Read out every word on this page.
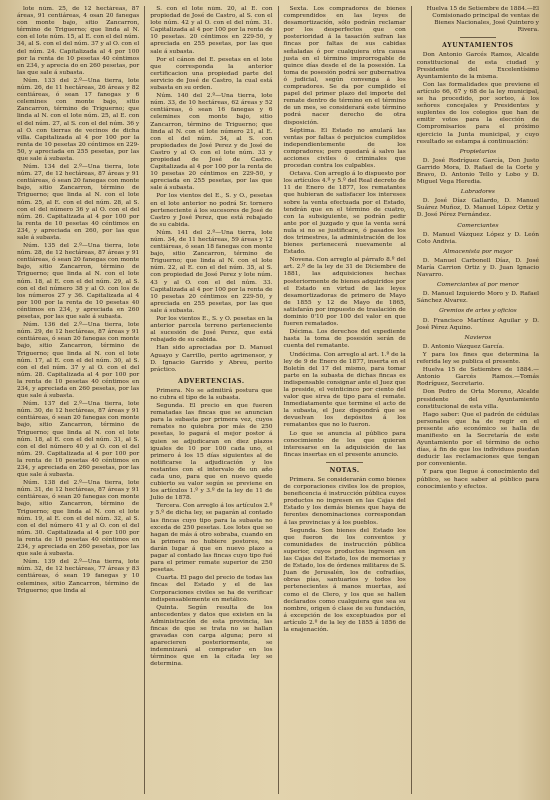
lote núm. 25, de 12 hectáreas, 87 áreas, 91 centiáreas, 4 osan 20 fanegas con monte bajo, sitio Zancarron, término de Triguerno; que linda al N. con el lote núm. 15, al E. con el del núm. 34, al S. con el del núm. 37 y al O. con el del núm. 24. Capitalizada al 4 por 100 por la renta de 10 pesetas 40 céntimos en 234, y aprecia do en 260 pesetas, por las que sale á subasta.

Núm. 133 del 2.º—Una tierra, lote núm. 26, de 11 hectáreas, 26 áreas y 82 centiáreas, ó sean 17 fanegas y 6 celemines con monte bajo, sitio Zancarron, término de Triguerno; que linda al N. con el lote núm. 25, al E. con el del núm. 27, al S. con el del núm. 36 y al O. con tierras de vecinos de dicha villa. Capitalizada al 4 por 100 por la renta de 10 pesetas 20 céntimos en 229-50, y apreciada en 255 pesetas, por las que sale á subasta.

Núm. 134 del 2.º—Una tierra, lote núm. 27, de 12 hectáreas, 87 áreas y 91 centiáreas, ó sean 20 fanegas con monte bajo, sitio Zancarron, término de Triguerno; que linda al N. con el lote núm. 25, al E. con el del núm. 28, al S. con el del número 36 y al O. con el del núm. 26. Capitalizada al 4 por 100 por la renta de 10 pesetas 40 céntimos en 234, y apreciada en 260, por las que sale á subasta.

Núm. 135 del 2.º—Una tierra, lote núm. 28, de 12 hectáreas, 87 áreas y 91 centiáreas, ó sean 20 fanegas con monte bajo, sitio Zancarron, término de Triguerno; que linda al N. con el lote núm. 18, al E. con el del núm. 29, al S. con el del número 38 y al O. con los de los números 27 y 36. Capitalizada al 4 por 100 por la renta de 10 pesetas 40 céntimos en 234, y apreciada en 260 pesetas, por las que sale á subasta.

Núm. 136 del 2.º—Una tierra, lote núm. 29, de 12 hectáreas, 87 áreas y 91 centiáreas, ó sean 20 fanegas con monte bajo, sitio Zancarron, término de Triguerno; que linda al N. con el lote núm. 17, al E. con el del núm. 30, al S. con el del núm. 37 y al O. con el del núm. 28. Capitalizada al 4 por 100 por la renta de 10 pesetas 40 céntimos en 234, y apreciada en 260 pesetas, por las que sale á subasta.

Núm. 137 del 2.º—Una tierra, lote núm. 30, de 12 hectáreas, 87 áreas y 91 centiáreas, ó sean 20 fanegas con monte bajo, sitio Zancarron, término de Triguerno; que linda al N. con el lote núm. 18, al E. con el del núm. 31, al S. con el del número 40 y al O. con el del núm. 29. Capitalizada al 4 por 100 por la renta de 10 pesetas 40 céntimos en 234, y apreciada en 260 pesetas, por las que sale á subasta.

Núm. 138 del 2.º—Una tierra, lote núm. 31, de 12 hectáreas, 87 áreas y 91 centiáreas, ó sean 20 fanegas con monte bajo, sitio Zancarron, término de Triguerno; que linda al N. con el lote núm. 19, al E. con el del núm. 32, al S. con el del número 41 y al O. con el del núm. 30. Capitalizada al 4 por 100 por la renta de 10 pesetas 40 céntimos en 234, y apreciada en 260 pesetas, por las que sale á subasta.

Núm. 139 del 2.º—Una tierra, lote núm. 32, de 12 hectáreas, 77 áreas y 83 centiáreas, ó sean 19 fanegas y 10 celemines, sitio Zancarron, término de Triguerno; que linda al

S. con el lote núm. 20, al E. con propiedad de José de Castro, al S. con el lote núm. 42 y al O. con el del núm. 31. Capitalizada al 4 por 100 por la renta de 10 pesetas. 20 céntimos en 229-50, y apreciada en 255 pesetas, por las que sale á subasta.

Por el cánon del E. pesetas en el lote que corresponda la anterior certificacion una propiedad parte del servicio de José de Castro, la cual está subasta en su orden.

Núm. 140 del 2.º—Una tierra, lote núm. 33, de 10 hectáreas, 62 áreas y 52 centiáreas, ó sean 16 fanegas y 6 celemines con monte bajo, sitio Zancarron, término de Triguerno; que linda al N. con el lote número 21, al E. con el del núm. 34, al S. con propiedades de José Perez y de José de Castro y al O. con el lote núm. 33 y propiedad de José de Castro. Capitalizada al 4 por 100 por la renta de 10 pesetas 20 céntimos en 229-50, y apreciada en 255 pesetas, por las que sale á subasta.

Por los vientos del E., S. y O., pesetas en el lote anterior no podrá Sr. tornero perteneciente á los sucesores de José de Castro y José Perez, que está rebajado de su cabida.

Núm. 141 del 2.º—Una tierra, lote núm. 34, de 11 hectáreas, 59 áreas y 12 centiáreas, ó sean 18 fanegas con monte bajo, sitio Zancarron, término de Triguerno; que linda al N. con el lote núm. 22, al E. con el del núm. 35, al S. con propiedad de José Perez y lote núm. 43 y al O. con el del núm. 33. Capitalizada al 4 por 100 por la renta de 10 pesetas 20 céntimos en 229-50, y apreciada en 255 pesetas, por las que sale á subasta.

Por los vientos E., S. y O. pesetas en la anterior parcela terreno perteneciente al sucesión de José Perez, que está rebajado de su cabida.

Han sido apreciadas por D. Manuel Aguayo y Carrillo, perito agrimensor, y D. Ignacio Garrido y Abreu, perito práctico.

ADVERTENCIAS.

Primera. No se admitirá postura que no cubra el tipo de la subasta.

Segunda. El precio en que fueren rematadas las fincas que se anuncian para la subasta por primera vez, cuyos remates no quiebra por más de 250 pesetas, lo pagará el mejor postor á quien se adjudicaran en diez plazos iguales de 10 por 100 cada uno, el primero á los 15 días siguientes al de notificarse la adjudicación y los restantes con el intervalo de un año cada uno, para que en nuevo quede cubierto su valor según se previene en los artículos 1.º y 3.º de la ley de 11 de Julio de 1878.

Tercera. Con arreglo á los artículos 2.º y 5.º de dicha ley, se pagarán al contado las fincas cuyo tipo para la subasta no exceda de 250 pesetas. Los lotes que se hagan de más á otro sobraba, cuando en la primera no hubiere postores, no darán lugar á que en nuevo plazo a pagar al contado las fincas cuyo tipo fué para el primer remate superior de 250 pesetas.

Cuarta. El pago del precio de todas las fincas del Estado y el de las Corporaciones civiles se ha de verificar indispensablemente en metálico.

Quinta. Según resulta de los antecedentes y datos que existen en la Administración de esta provincia, las fincas de que se trata no se hallan gravadas con carga alguna; pero si aparecieren posteriormente, se indemnizará al comprador en los términos que en la citada ley se determina.

Sexta. Los compradores de bienes comprendidos en las leyes de desamortización, sólo podrán reclamar por los desperfectos que con posterioridad á la tasación sufran las fincas por faltas de sus cabidas señaladas ó por cualquiera otra causa justa en el término improrrogable de quince días desde el de la posesión. La toma de posesión podrá ser gubernativa ó judicial, según convenga á los compradores. Se da por cumplido el papel del primer plazo del importe del remate dentro de término en el término de un mes, se considerará este término podrá nacer derecho de otra disposición.

Séptima. El Estado no anulará las ventas por faltas ó perjuicios cumplidos independientemente de los compradores; pero quedará á salvo las acciones civiles ó criminales que procedan contra los culpables.

Octava. Con arreglo á lo dispuesto por los artículos 4.º y 5.º del Real decreto de 11 de Enero de 1877, los rematantes que hubieran de satisfacer los intereses sobre la venta efectuada por el Estado, tendrán que en el término de cuatro, con la subsiguiente, se podrán pedir ante por el juzgado y que la venta será nula si no se justificare, ó pasados los dos trimestres, la administración de los bienes pertenecerá nuevamente al Estado.

Novena. Con arreglo al párrafo 8.º del art. 2.º de la ley de 31 de Diciembre de 1881, las adquisiciones hechas posteriormente de bienes adquiridos por el Estado en virtud de las leyes desamortizadoras de primero de Mayo de 1855 y 12 de Mayo de 1865, satisfarán por impuesto de traslación de dominio 0'10 por 100 del valor en que fueren rematados.

Décima. Los derechos del expediente hasta la toma de posesión serán de cuenta del rematante.

Undécima. Con arreglo al art. 1.º de la ley de 9 de Enero de 1877, inserta en el Boletín del 17 del mismo, para tomar parte en la subasta de dichas fincas es indispensable consignar ante el Juez que la preside, el veinticinco por ciento del valor que sirva de tipo para el remate. Inmediatamente que termine el acto de la subasta, el Juez dispondrá que se devuelvan los depósitos á los rematantes que no lo fueron.

Lo que se anuncia al público para conocimiento de los que quieran interesarse en la adquisición de las fincas insertas en el presente anuncio.

NOTAS.

Primera. Se considerarán como bienes de corporaciones civiles los de propios, beneficencia é instrucción pública cuyos productos no ingresen en las Cajas del Estado y los demás bienes que haya de ferentes denominaciones correspondan á las provincias y á los pueblos.

Segunda. Son bienes del Estado los que fueron de los conventos y comunidades de instrucción pública superior, cuyos productos ingresen en las Cajas del Estado, los de memorias y de Estado, los de órdenes militares de S. Juan de Jerusalén, los de cofradías, obras pías, santuarios y todos los pertenecientes á manos muertas, así como el de Clero, y los que se hallen declarados como cualquiera que sea su nombre, origen ó clase de su fundación, á excepción de los exceptuados por el artículo 2.º de la ley de 1855 á 1856 de la enajenación.

Huelva 15 de Setiembre de 1884.—El Comisionado principal de ventas de Bienes Nacionales, José Quintero y Rivera.

AYUNTAMIENTOS

Don Antonio Garcés Ramos, Alcalde constitucional de esta ciudad y Presidente del Excelentísimo Ayuntamiento de la misma.

Con las formalidades que previene el artículo 66, 67 y 68 de la ley municipal, se ha procedido, por sorteo, á los señores concejales y Presidentes y suplentes de los colegios que han de emitir votos para la elección de Compromisarios para el próximo ejercicio la Junta municipal, y cuyo resultado se estampa á continuación:

Propietarios

D. José Rodríguez García, Don Justo Garrido Mora, D. Rafael de la Corte y Bravo, D. Antonio Tello y Lobo y D. Miguel Vega Heredia.

Labradores

D. José Díaz Gallardo, D. Manuel Suárez Muñoz, D. Manuel López Ortiz y D. José Pérez Fernández.

Comerciantes

D. Manuel Vázquez López y D. León Coto Andivia.

Almacenista por mayor

D. Manuel Carbonell Díaz, D. José María Carrion Ortiz y D. Juan Ignacio Navarro.

Comerciantes al por menor

D. Manuel Izquierdo Moro y D. Rafael Sánchez Alvarez.

Gremios de artes y oficios

D. Francisco Martínez Aguilar y D. José Pérez Aquino.

Navieros

D. Antonio Vázquez García.

Y para los fines que determina la referida ley se publica el presente.

Huelva 15 de Setiembre de 1884.—Antonio Garcés Ramos.—Tomás Rodríguez, Secretario.

Don Pedro de Orta Moreno, Alcalde presidente del Ayuntamiento constitucional de esta villa.

Hago saber: Que el padrón de cédulas personales que ha de regir en el presente año económico se halla de manifiesto en la Secretaría de este Ayuntamiento por el término de ocho días, á fin de que los individuos puedan deducir las reclamaciones que tengan por conveniente.

Y para que llegue á conocimiento del público, se hace saber al público para conocimiento y efectos.
